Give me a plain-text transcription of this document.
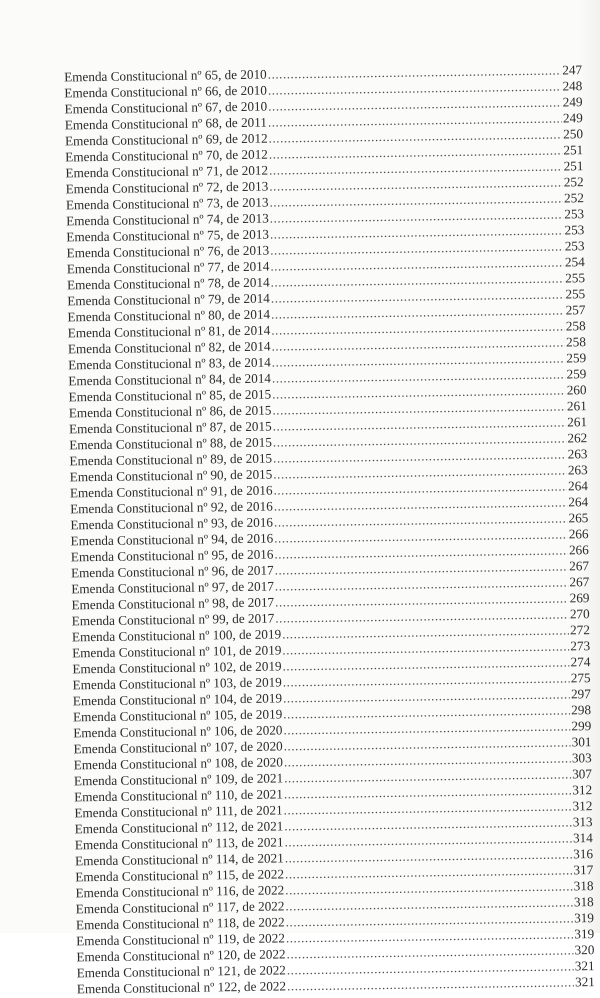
Emenda Constitucional nº 65, de 2010 .....	247
Emenda Constitucional nº 66, de 2010 .....	248
Emenda Constitucional nº 67, de 2010 .....	249
Emenda Constitucional nº 68, de 2011 .....	249
Emenda Constitucional nº 69, de 2012 .....	250
Emenda Constitucional nº 70, de 2012 .....	251
Emenda Constitucional nº 71, de 2012 .....	251
Emenda Constitucional nº 72, de 2013 .....	252
Emenda Constitucional nº 73, de 2013 .....	252
Emenda Constitucional nº 74, de 2013 .....	253
Emenda Constitucional nº 75, de 2013 .....	253
Emenda Constitucional nº 76, de 2013 .....	253
Emenda Constitucional nº 77, de 2014 .....	254
Emenda Constitucional nº 78, de 2014 .....	255
Emenda Constitucional nº 79, de 2014 .....	255
Emenda Constitucional nº 80, de 2014 .....	257
Emenda Constitucional nº 81, de 2014 .....	258
Emenda Constitucional nº 82, de 2014 .....	258
Emenda Constitucional nº 83, de 2014 .....	259
Emenda Constitucional nº 84, de 2014 .....	259
Emenda Constitucional nº 85, de 2015 .....	260
Emenda Constitucional nº 86, de 2015 .....	261
Emenda Constitucional nº 87, de 2015 .....	261
Emenda Constitucional nº 88, de 2015 .....	262
Emenda Constitucional nº 89, de 2015 .....	263
Emenda Constitucional nº 90, de 2015 .....	263
Emenda Constitucional nº 91, de 2016 .....	264
Emenda Constitucional nº 92, de 2016 .....	264
Emenda Constitucional nº 93, de 2016 .....	265
Emenda Constitucional nº 94, de 2016 .....	266
Emenda Constitucional nº 95, de 2016 .....	266
Emenda Constitucional nº 96, de 2017 .....	267
Emenda Constitucional nº 97, de 2017 .....	267
Emenda Constitucional nº 98, de 2017 .....	269
Emenda Constitucional nº 99, de 2017 .....	270
Emenda Constitucional nº 100, de 2019 .....	272
Emenda Constitucional nº 101, de 2019 .....	273
Emenda Constitucional nº 102, de 2019 .....	274
Emenda Constitucional nº 103, de 2019 .....	275
Emenda Constitucional nº 104, de 2019 .....	297
Emenda Constitucional nº 105, de 2019 .....	298
Emenda Constitucional nº 106, de 2020 .....	299
Emenda Constitucional nº 107, de 2020 .....	301
Emenda Constitucional nº 108, de 2020 .....	303
Emenda Constitucional nº 109, de 2021 .....	307
Emenda Constitucional nº 110, de 2021 .....	312
Emenda Constitucional nº 111, de 2021 .....	312
Emenda Constitucional nº 112, de 2021 .....	313
Emenda Constitucional nº 113, de 2021 .....	314
Emenda Constitucional nº 114, de 2021 .....	316
Emenda Constitucional nº 115, de 2022 .....	317
Emenda Constitucional nº 116, de 2022 .....	318
Emenda Constitucional nº 117, de 2022 .....	318
Emenda Constitucional nº 118, de 2022 .....	319
Emenda Constitucional nº 119, de 2022 .....	319
Emenda Constitucional nº 120, de 2022 .....	320
Emenda Constitucional nº 121, de 2022 .....	321
Emenda Constitucional nº 122, de 2022 .....	321
